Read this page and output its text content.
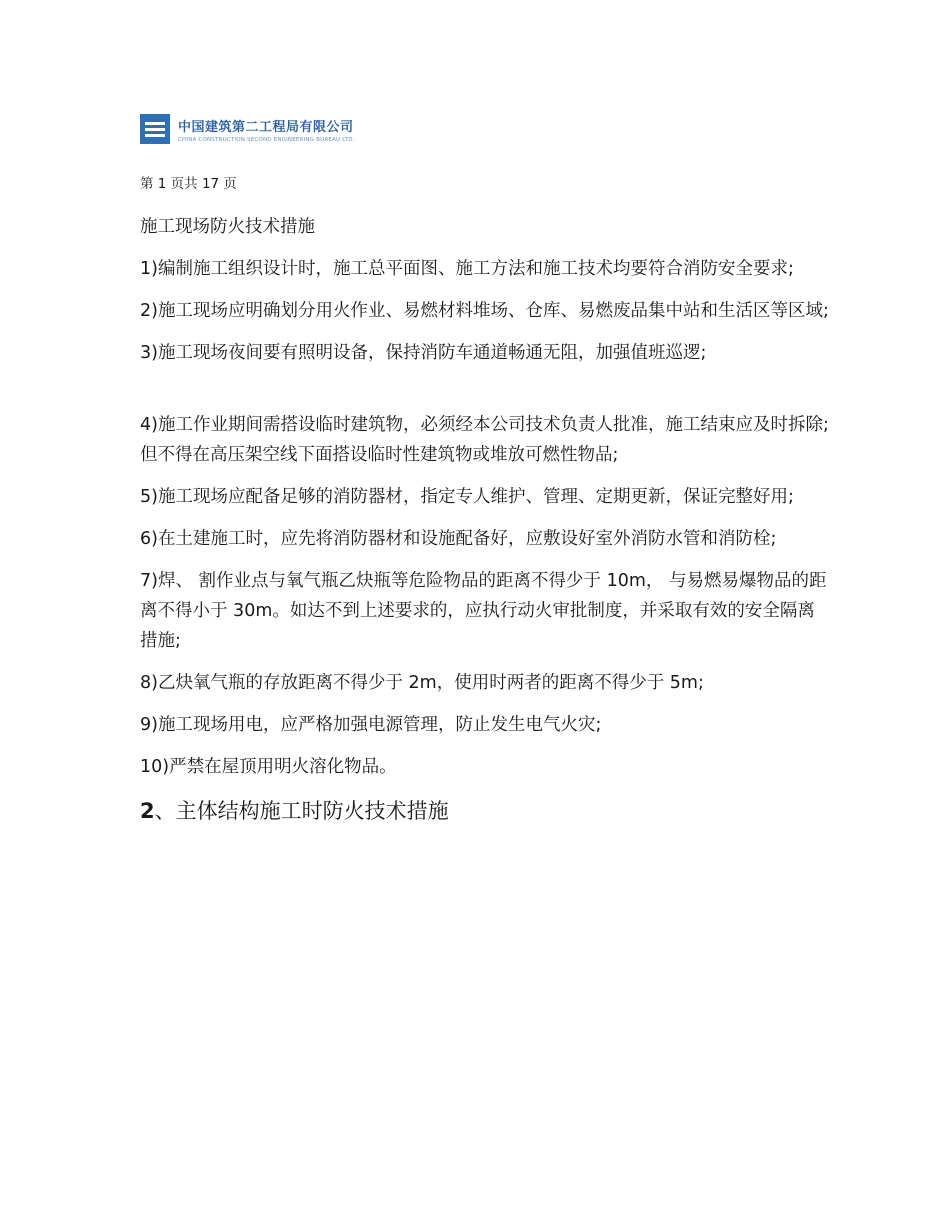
中国建筑第二工程局有限公司
CHINA CONSTRUCTION SECOND ENGINEERING BUREAU LTD.
第 1 页共 17 页

施工现场防火技术措施

1)编制施工组织设计时，施工总平面图、施工方法和施工技术均要符合消防安全要求;

2)施工现场应明确划分用火作业、易燃材料堆场、仓库、易燃废品集中站和生活区等区域;

3)施工现场夜间要有照明设备，保持消防车通道畅通无阻，加强值班巡逻;

4)施工作业期间需搭设临时建筑物，必须经本公司技术负责人批准，施工结束应及时拆除;但不得在高压架空线下面搭设临时性建筑物或堆放可燃性物品;

5)施工现场应配备足够的消防器材，指定专人维护、管理、定期更新，保证完整好用;

6)在土建施工时，应先将消防器材和设施配备好，应敷设好室外消防水管和消防栓;

7)焊、 割作业点与氧气瓶乙炔瓶等危险物品的距离不得少于 10m， 与易燃易爆物品的距离不得小于 30m。如达不到上述要求的，应执行动火审批制度，并采取有效的安全隔离措施;

8)乙炔氧气瓶的存放距离不得少于 2m，使用时两者的距离不得少于 5m;

9)施工现场用电，应严格加强电源管理，防止发生电气火灾;

10)严禁在屋顶用明火溶化物品。

2、主体结构施工时防火技术措施
